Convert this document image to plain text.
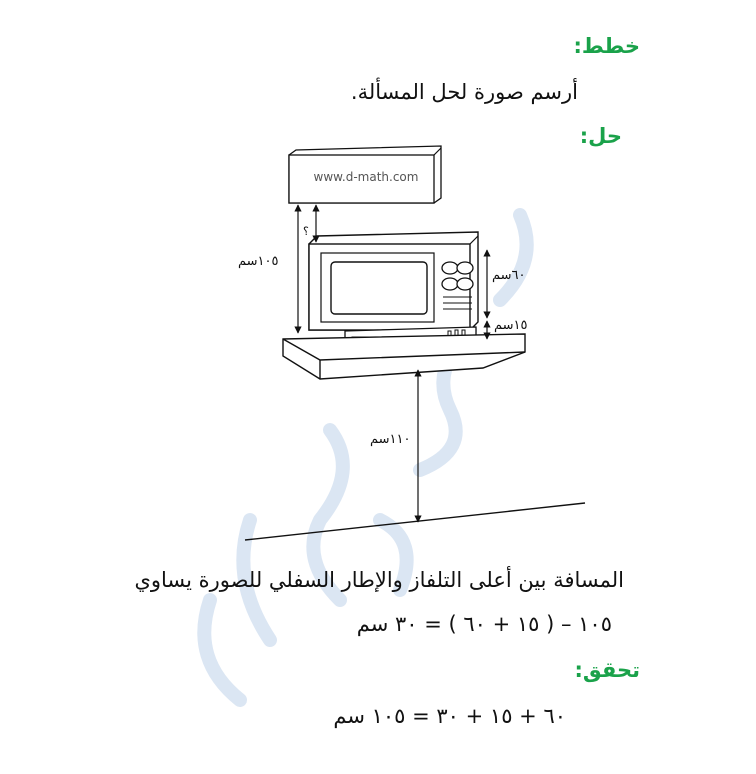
خطط:
أرسم صورة لحل المسألة.
حل:
www.d-math.com
؟
١٠٥سم
٦٠سم
١٥سم
١١٠سم
المسافة بين أعلى التلفاز والإطار السفلي للصورة يساوي
١٠٥ – ( ١٥ + ٦٠ ) = ٣٠ سم
تحقق:
٦٠ + ١٥ + ٣٠ = ١٠٥ سم
